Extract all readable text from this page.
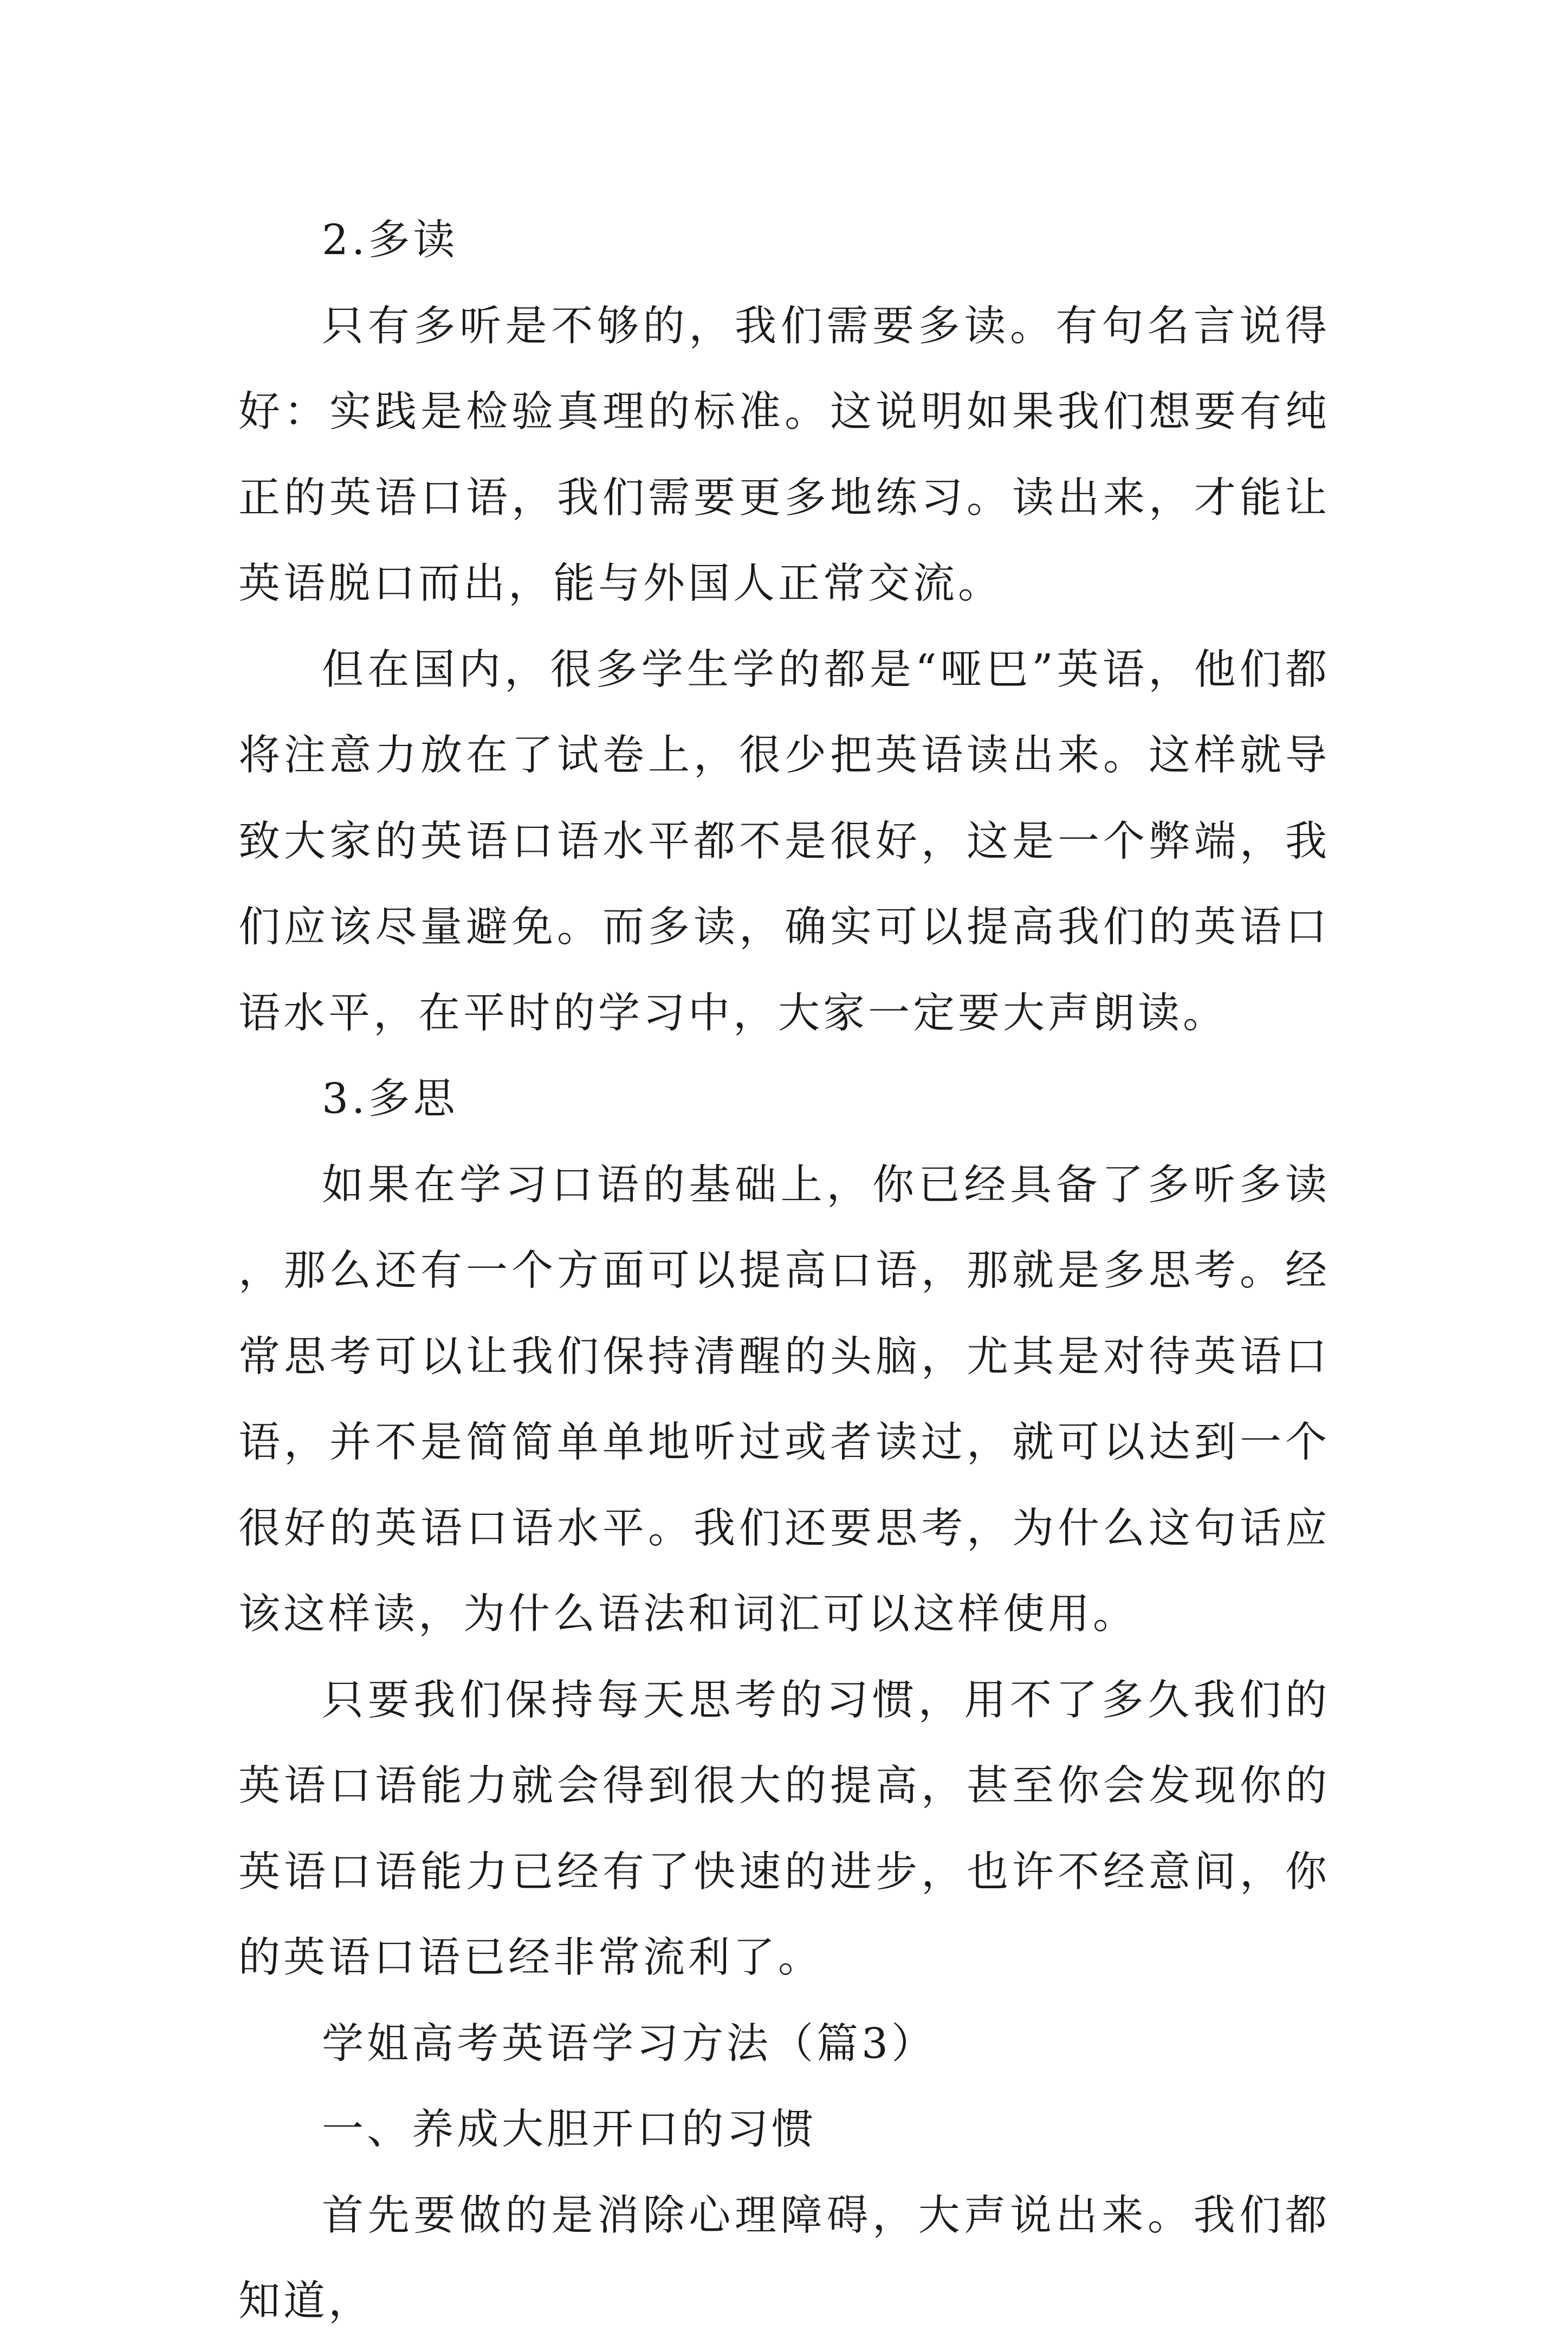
2.多读

只有多听是不够的，我们需要多读。有句名言说得好：实践是检验真理的标准。这说明如果我们想要有纯正的英语口语，我们需要更多地练习。读出来，才能让英语脱口而出，能与外国人正常交流。

但在国内，很多学生学的都是“哑巴”英语，他们都将注意力放在了试卷上，很少把英语读出来。这样就导致大家的英语口语水平都不是很好，这是一个弊端，我们应该尽量避免。而多读，确实可以提高我们的英语口语水平，在平时的学习中，大家一定要大声朗读。

3.多思

如果在学习口语的基础上，你已经具备了多听多读，那么还有一个方面可以提高口语，那就是多思考。经常思考可以让我们保持清醒的头脑，尤其是对待英语口语，并不是简简单单地听过或者读过，就可以达到一个很好的英语口语水平。我们还要思考，为什么这句话应该这样读，为什么语法和词汇可以这样使用。

只要我们保持每天思考的习惯，用不了多久我们的英语口语能力就会得到很大的提高，甚至你会发现你的英语口语能力已经有了快速的进步，也许不经意间，你的英语口语已经非常流利了。

学姐高考英语学习方法（篇3）

一、养成大胆开口的习惯

首先要做的是消除心理障碍，大声说出来。我们都知道，
